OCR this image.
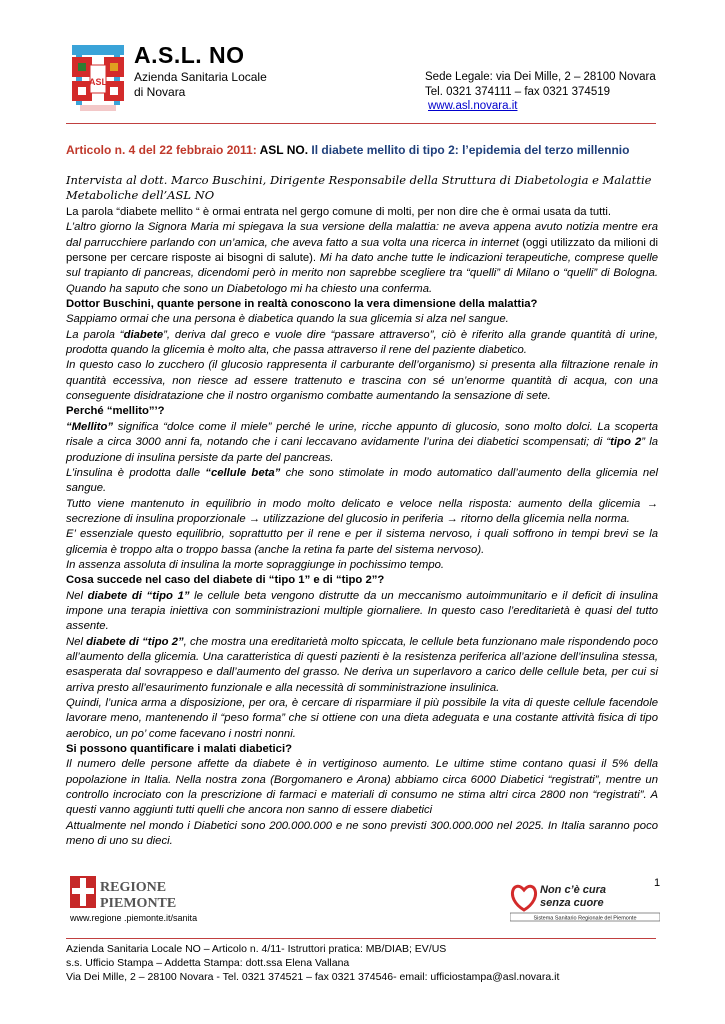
ASL
A.S.L. NO
Azienda Sanitaria Locale
di Novara
Sede Legale: via Dei Mille, 2 – 28100 Novara
Tel. 0321 374111 – fax 0321 374519
www.asl.novara.it
Articolo n. 4 del 22 febbraio 2011: ASL NO. Il diabete mellito di tipo 2: l’epidemia del terzo millennio
Intervista al dott. Marco Buschini, Dirigente Responsabile della Struttura di Diabetologia e Malattie Metaboliche dell’ASL NO

La parola “diabete mellito “ è ormai entrata nel gergo comune di molti, per non dire che è ormai usata da tutti.

L’altro giorno la Signora Maria mi spiegava la sua versione della malattia: ne aveva appena avuto notizia mentre era dal parrucchiere parlando con un’amica, che aveva fatto a sua volta una ricerca in internet (oggi utilizzato da milioni di persone per cercare risposte ai bisogni di salute). Mi ha dato anche tutte le indicazioni terapeutiche, comprese quelle sul trapianto di pancreas, dicendomi però in merito non saprebbe scegliere tra “quelli” di Milano o “quelli” di Bologna. Quando ha saputo che sono un Diabetologo mi ha chiesto una conferma.

Dottor Buschini, quante persone in realtà conoscono la vera dimensione della malattia?

Sappiamo ormai che una persona è diabetica quando la sua glicemia si alza nel sangue.

La parola “diabete”, deriva dal greco e vuole dire “passare attraverso”, ciò è riferito alla grande quantità di urine, prodotta quando la glicemia è molto alta, che passa attraverso il rene del paziente diabetico.

In questo caso lo zucchero (il glucosio rappresenta il carburante dell’organismo) si presenta alla filtrazione renale in quantità eccessiva, non riesce ad essere trattenuto e trascina con sé un’enorme quantità di acqua, con una conseguente disidratazione che il nostro organismo combatte aumentando la sensazione di sete.

Perché “mellito”’?

“Mellito” significa “dolce come il miele” perché le urine, ricche appunto di glucosio, sono molto dolci. La scoperta risale a circa 3000 anni fa, notando che i cani leccavano avidamente l’urina dei diabetici scompensati; di “tipo 2” la produzione di insulina persiste da parte del pancreas.

L’insulina è prodotta dalle “cellule beta” che sono stimolate in modo automatico dall’aumento della glicemia nel sangue.

Tutto viene mantenuto in equilibrio in modo molto delicato e veloce nella risposta: aumento della glicemia → secrezione di insulina proporzionale → utilizzazione del glucosio in periferia → ritorno della glicemia nella norma.

E’ essenziale questo equilibrio, soprattutto per il rene e per il sistema nervoso, i quali soffrono in tempi brevi se la glicemia è troppo alta o troppo bassa (anche la retina fa parte del sistema nervoso).

In assenza assoluta di insulina la morte sopraggiunge in pochissimo tempo.

Cosa succede nel caso del diabete di “tipo 1” e di “tipo 2”?

Nel diabete di “tipo 1” le cellule beta vengono distrutte da un meccanismo autoimmunitario e il deficit di insulina impone una terapia iniettiva con somministrazioni multiple giornaliere. In questo caso l’ereditarietà è quasi del tutto assente.

Nel diabete di “tipo 2”, che mostra una ereditarietà molto spiccata, le cellule beta funzionano male rispondendo poco all’aumento della glicemia. Una caratteristica di questi pazienti è la resistenza periferica all’azione dell’insulina stessa, esasperata dal sovrappeso e dall’aumento del grasso. Ne deriva un superlavoro a carico delle cellule beta, per cui si arriva presto all’esaurimento funzionale e alla necessità di somministrazione insulinica.

Quindi, l’unica arma a disposizione, per ora, è cercare di risparmiare il più possibile la vita di queste cellule facendole lavorare meno, mantenendo il “peso forma” che si ottiene con una dieta adeguata e una costante attività fisica di tipo aerobico, un po’ come facevano i nostri nonni.

Si possono quantificare i malati diabetici?

Il numero delle persone affette da diabete è in vertiginoso aumento. Le ultime stime contano quasi il 5% della popolazione in Italia. Nella nostra zona (Borgomanero e Arona) abbiamo circa 6000 Diabetici “registrati”, mentre un controllo incrociato con la prescrizione di farmaci e materiali di consumo ne stima altri circa 2800 non “registrati”. A questi vanno aggiunti tutti quelli che ancora non sanno di essere diabetici

Attualmente nel mondo i Diabetici sono 200.000.000 e ne sono previsti 300.000.000 nel 2025. In Italia saranno poco meno di uno su dieci.

1
REGIONE
PIEMONTE
www.regione .piemonte.it/sanita
Non c’è cura
senza cuore
Sistema Sanitario Regionale del Piemonte
Azienda Sanitaria Locale NO – Articolo n. 4/11- Istruttori pratica: MB/DIAB; EV/US
s.s. Ufficio Stampa – Addetta Stampa: dott.ssa Elena Vallana
Via Dei Mille, 2 – 28100 Novara - Tel. 0321 374521 – fax 0321 374546- email: ufficiostampa@asl.novara.it
